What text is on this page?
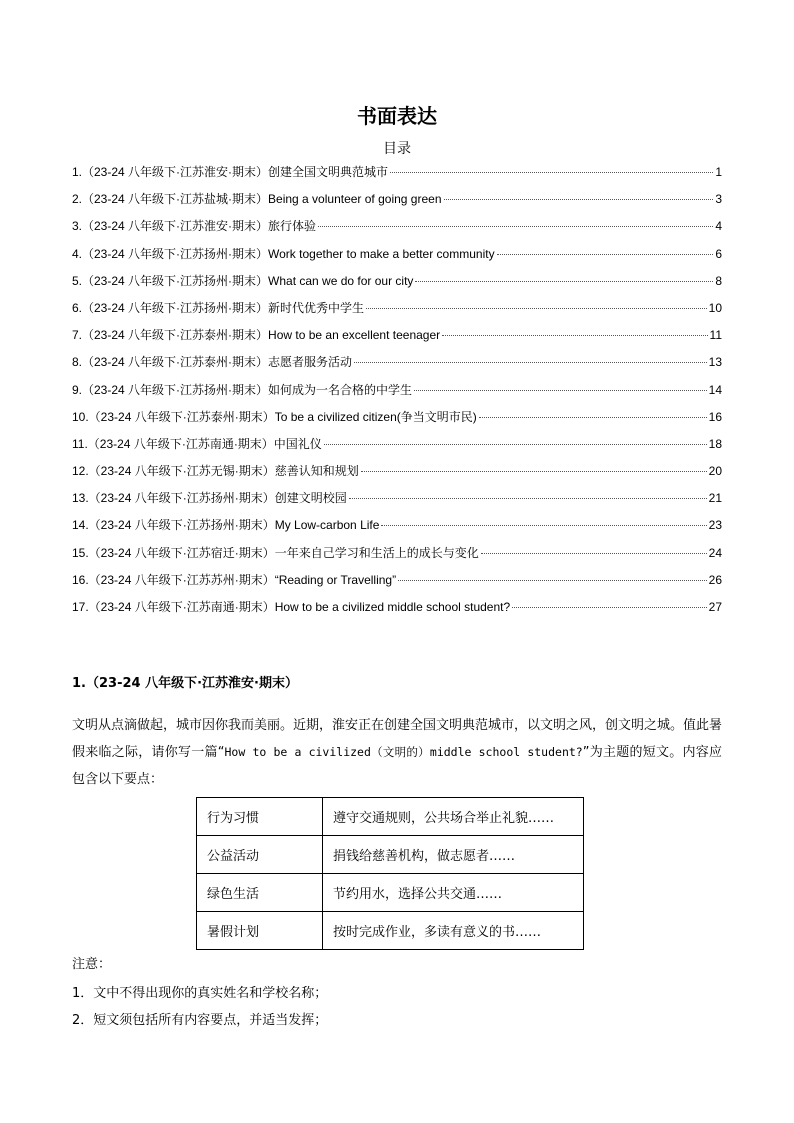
书面表达
目录
1.（23-24 八年级下·江苏淮安·期末）创建全国文明典范城市	1
2.（23-24 八年级下·江苏盐城·期末）Being a volunteer of going green	3
3.（23-24 八年级下·江苏淮安·期末）旅行体验	4
4.（23-24 八年级下·江苏扬州·期末）Work together to make a better community	6
5.（23-24 八年级下·江苏扬州·期末）What can we do for our city	8
6.（23-24 八年级下·江苏扬州·期末）新时代优秀中学生	10
7.（23-24 八年级下·江苏泰州·期末）How to be an excellent teenager	11
8.（23-24 八年级下·江苏泰州·期末）志愿者服务活动	13
9.（23-24 八年级下·江苏扬州·期末）如何成为一名合格的中学生	14
10.（23-24 八年级下·江苏泰州·期末）To be a civilized citizen(争当文明市民)	16
11.（23-24 八年级下·江苏南通·期末）中国礼仪	18
12.（23-24 八年级下·江苏无锡·期末）慈善认知和规划	20
13.（23-24 八年级下·江苏扬州·期末）创建文明校园	21
14.（23-24 八年级下·江苏扬州·期末）My Low-carbon Life	23
15.（23-24 八年级下·江苏宿迁·期末）一年来自己学习和生活上的成长与变化	24
16.（23-24 八年级下·江苏苏州·期末）“Reading or Travelling”	26
17.（23-24 八年级下·江苏南通·期末）How to be a civilized middle school student?	27
1.（23-24 八年级下·江苏淮安·期末）
文明从点滴做起，城市因你我而美丽。近期，淮安正在创建全国文明典范城市，以文明之风，创文明之城。值此暑假来临之际，请你写一篇“How to be a civilized（文明的）middle school student?”为主题的短文。内容应包含以下要点：
行为习惯	遵守交通规则，公共场合举止礼貌……
公益活动	捐钱给慈善机构，做志愿者……
绿色生活	节约用水，选择公共交通……
暑假计划	按时完成作业，多读有意义的书……
注意：
1．文中不得出现你的真实姓名和学校名称；
2．短文须包括所有内容要点，并适当发挥；
